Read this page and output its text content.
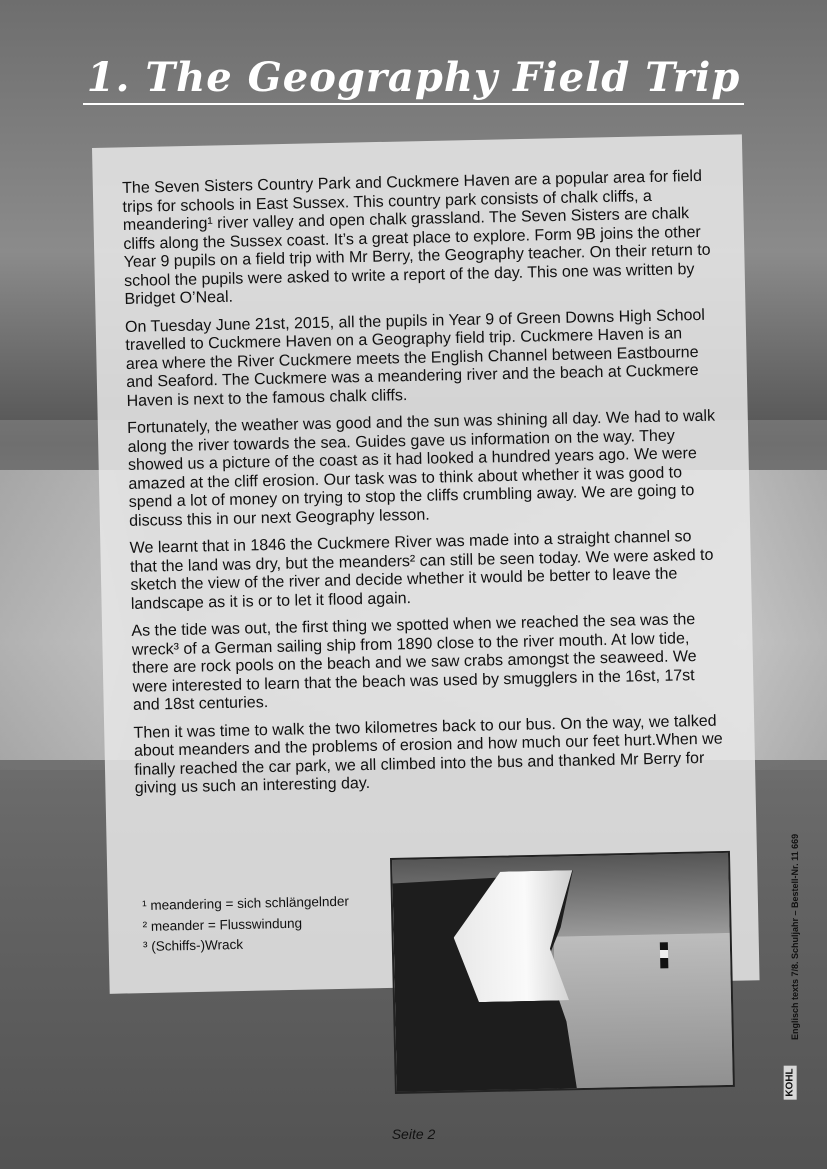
1. The Geography Field Trip

The Seven Sisters Country Park and Cuckmere Haven are a popular area for field trips for schools in East Sussex. This country park consists of chalk cliffs, a meandering¹ river valley and open chalk grassland. The Seven Sisters are chalk cliffs along the Sussex coast. It’s a great place to explore. Form 9B joins the other Year 9 pupils on a field trip with Mr Berry, the Geography teacher. On their return to school the pupils were asked to write a report of the day. This one was written by Bridget O’Neal.

On Tuesday June 21st, 2015, all the pupils in Year 9 of Green Downs High School travelled to Cuckmere Haven on a Geography field trip. Cuckmere Haven is an area where the River Cuckmere meets the English Channel between Eastbourne and Seaford. The Cuckmere was a meandering river and the beach at Cuckmere Haven is next to the famous chalk cliffs.

Fortunately, the weather was good and the sun was shining all day. We had to walk along the river towards the sea. Guides gave us information on the way. They showed us a picture of the coast as it had looked a hundred years ago. We were amazed at the cliff erosion. Our task was to think about whether it was good to spend a lot of money on trying to stop the cliffs crumbling away. We are going to discuss this in our next Geography lesson.

We learnt that in 1846 the Cuckmere River was made into a straight channel so that the land was dry, but the meanders² can still be seen today. We were asked to sketch the view of the river and decide whether it would be better to leave the landscape as it is or to let it flood again.

As the tide was out, the first thing we spotted when we reached the sea was the wreck³ of a German sailing ship from 1890 close to the river mouth. At low tide, there are rock pools on the beach and we saw crabs amongst the seaweed. We were interested to learn that the beach was used by smugglers in the 16st, 17st and 18st centuries.

Then it was time to walk the two kilometres back to our bus. On the way, we talked about meanders and the problems of erosion and how much our feet hurt.When we finally reached the car park, we all climbed into the bus and thanked Mr Berry for giving us such an interesting day.

¹ meandering = sich schlängelnder
² meander = Flusswindung
³ (Schiffs-)Wrack	Englisch texts 7/8. Schuljahr – Bestell-Nr. 11 669
KOHL
Seite 2
